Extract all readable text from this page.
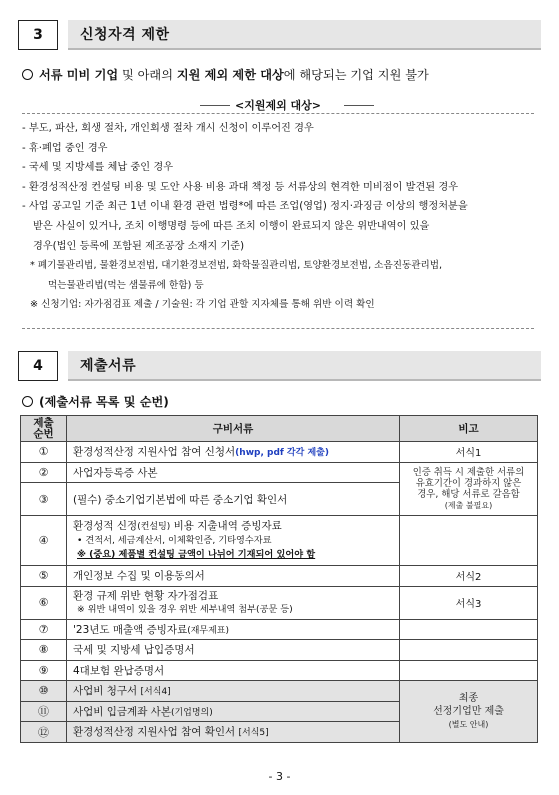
3	신청자격 제한
서류 미비 기업 및 아래의 지원 제외 제한 대상 에 해당되는 기업 지원 불가
<지원제외 대상>
- 부도, 파산, 회생 절차, 개인회생 절차 개시 신청이 이루어진 경우
- 휴·폐업 중인 경우
- 국세 및 지방세를 체납 중인 경우
- 환경성적산정 컨설팅 비용 및 도안 사용 비용 과대 책정 등 서류상의 현격한 미비점이 발견된 경우
- 사업 공고일 기준 최근 1년 이내 환경 관련 법령*에 따른 조업(영업) 정지·과징금 이상의 행정처분을
받은 사실이 있거나, 조치 이행명령 등에 따른 조치 이행이 완료되지 않은 위반내역이 있을
경우(법인 등록에 포함된 제조공장 소재지 기준)
* 폐기물관리법, 물환경보전법, 대기환경보전법, 화학물질관리법, 토양환경보전법, 소음진동관리법,
먹는물관리법(먹는 샘물류에 한함) 등
※ 신청기업: 자가점검표 제출 / 기술원: 각 기업 관할 지자체를 통해 위반 이력 확인
4	제출서류
(제출서류 목록 및 순번)
제출
순번	구비서류	비고
①	환경성적산정 지원사업 참여 신청서(hwp, pdf 각각 제출)	서식1
②	사업자등록증 사본	인증 취득 시 제출한 서류의
유효기간이 경과하지 않은
경우, 해당 서류로 갈음함
(제출 불필요)

③	(필수) 중소기업기본법에 따른 중소기업 확인서	
④	환경성적 신정(컨설팅) 비용 지출내역 증빙자료
• 견적서, 세금계산서, 이체확인증, 기타영수자료
※ (중요) 제품별 컨설팅 금액이 나뉘어 기재되어 있어야 함	

⑤	개인정보 수집 및 이용동의서	서식2
⑥	환경 규제 위반 현황 자가점검표
※ 위반 내역이 있을 경우 위반 세부내역 첨부(공문 등)	서식3
⑦	'23년도 매출액 증빙자료(재무제표)	
⑧	국세 및 지방세 납입증명서	
⑨	4대보험 완납증명서	
⑩	사업비 청구서 [서식4]	최종
선정기업만 제출
(별도 안내)

⑪	사업비 입금계좌 사본(기업명의)	
⑫	환경성적산정 지원사업 참여 확인서 [서식5]	
- 3 -
